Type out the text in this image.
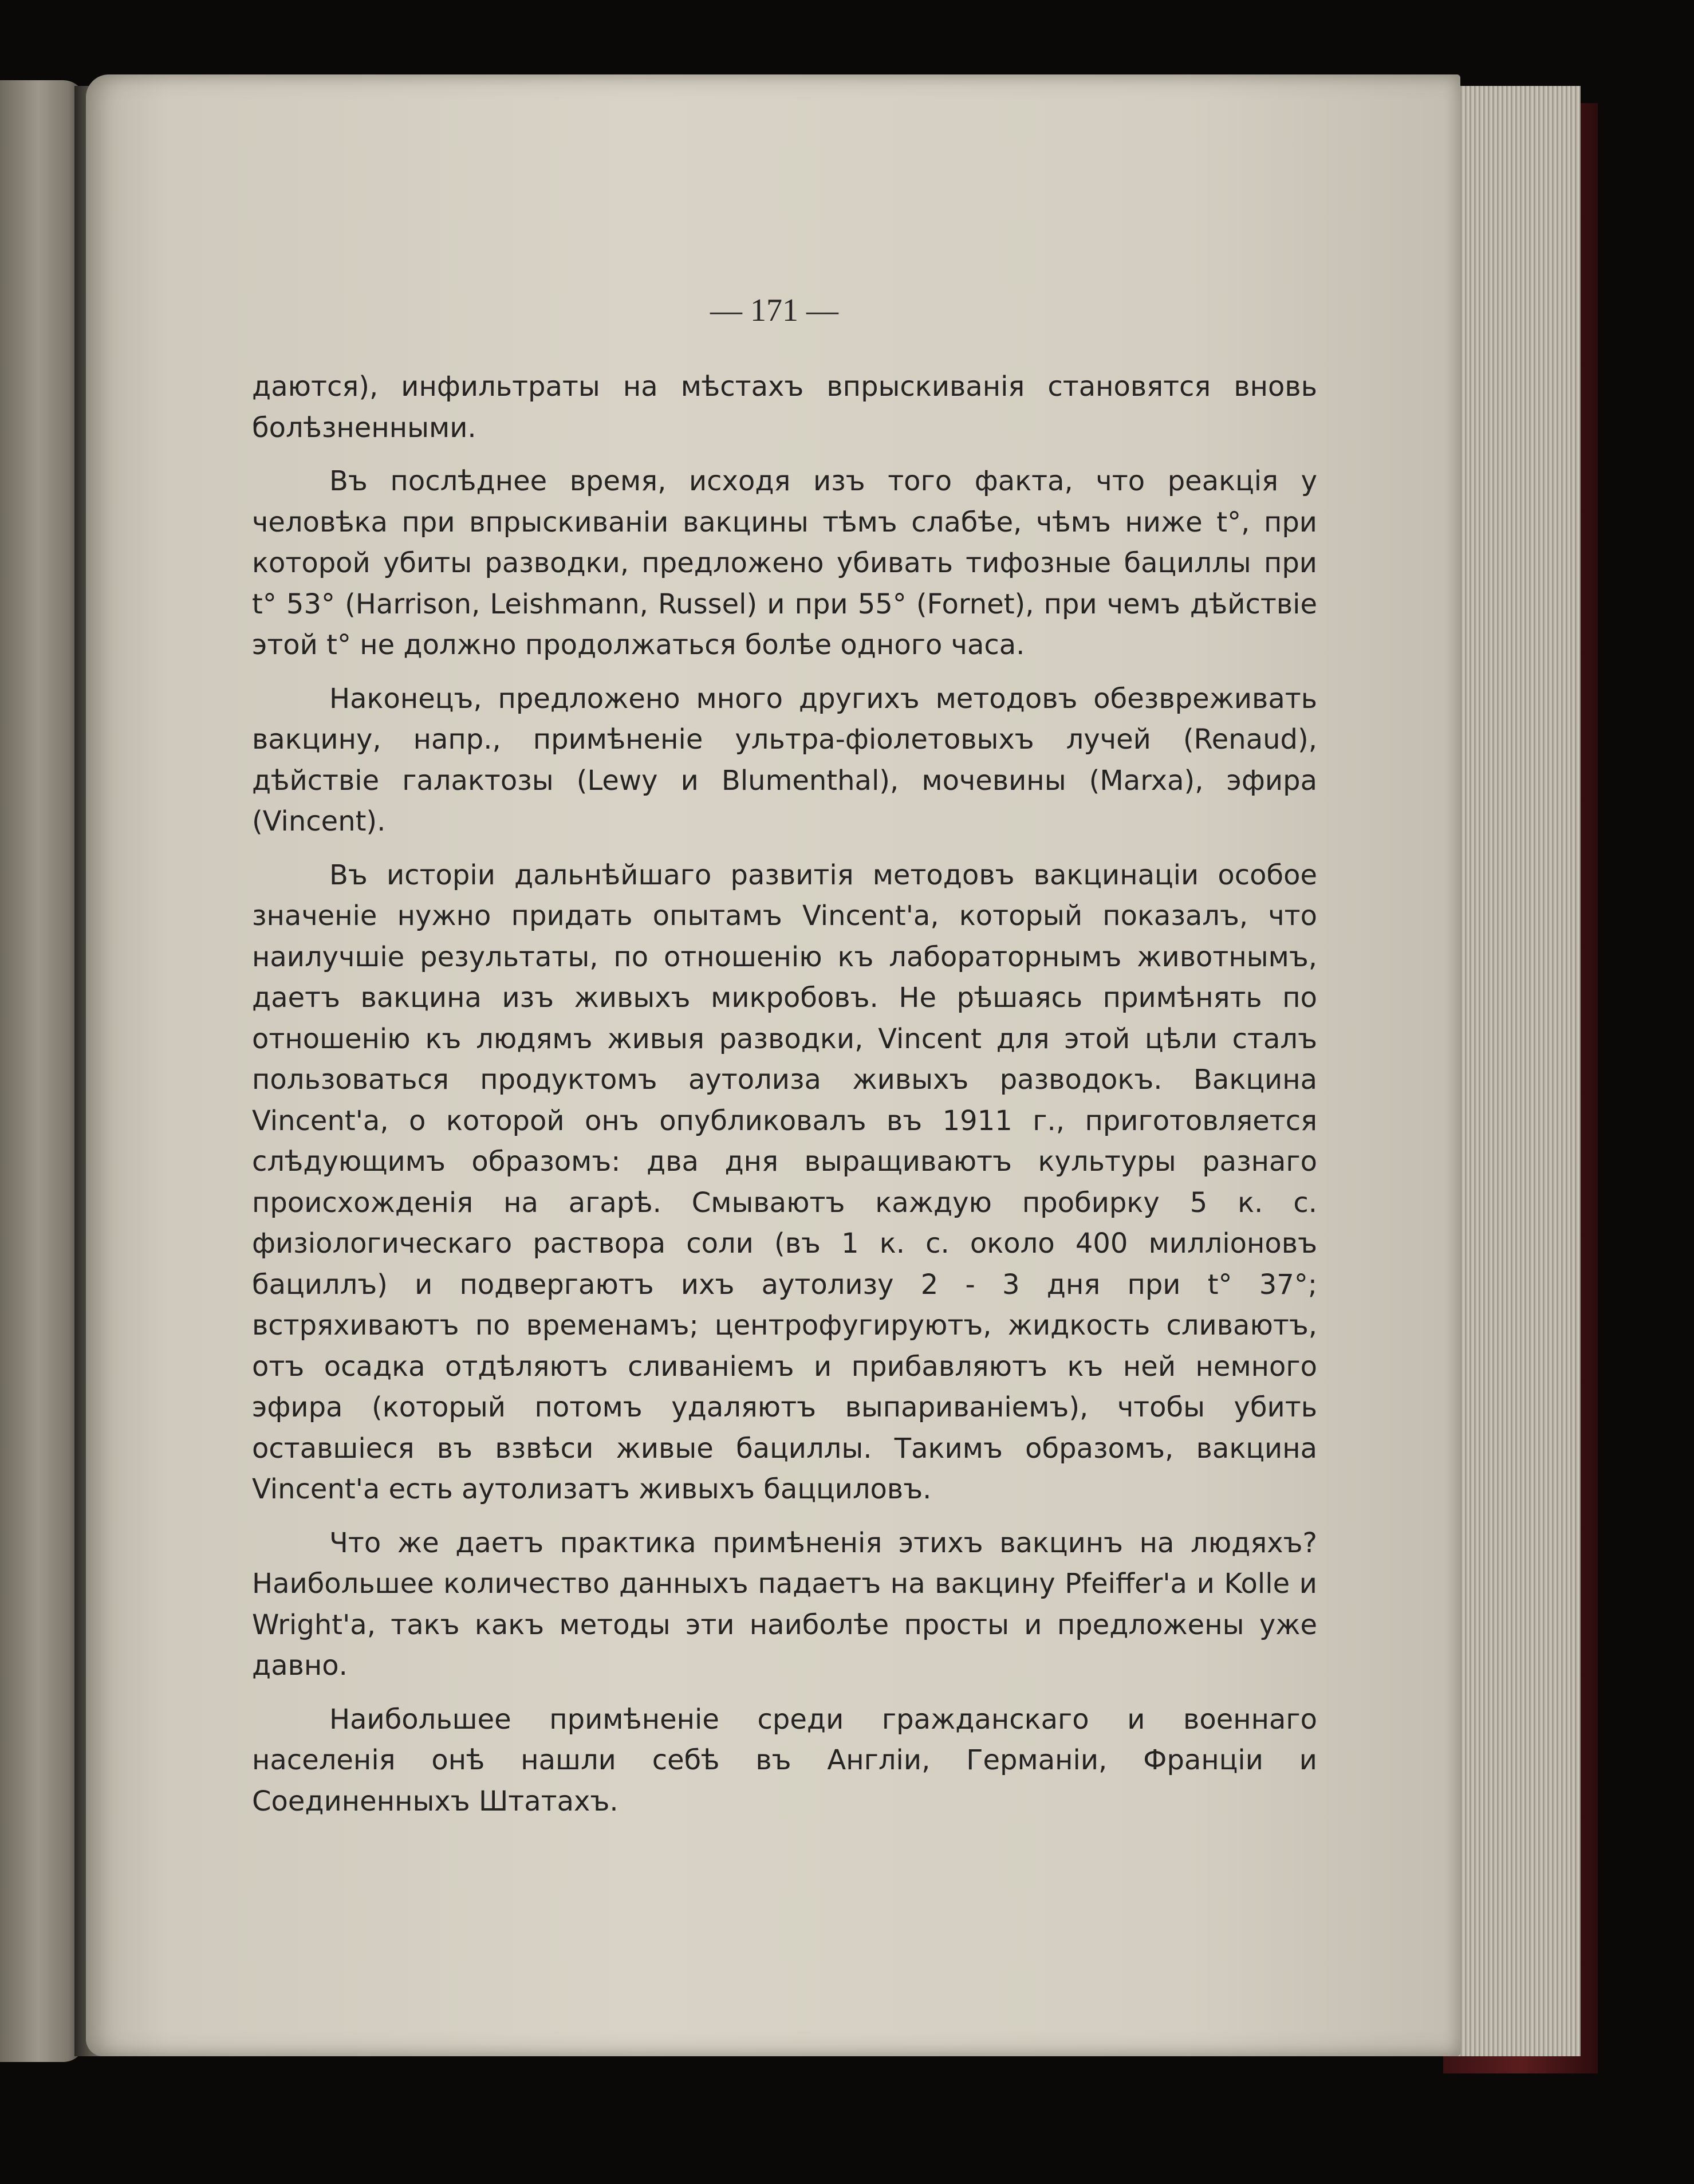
— 171 —

даются), инфильтраты на мѣстахъ впрыскиванія становятся вновь болѣзненными.

Въ послѣднее время, исходя изъ того факта, что реакція у человѣка при впрыскиваніи вакцины тѣмъ слабѣе, чѣмъ ниже t°, при которой убиты разводки, предложено убивать тифозные бациллы при t° 53° (Harrison, Leishmann, Russel) и при 55° (Fornet), при чемъ дѣйствіе этой t° не должно продолжаться болѣе одного часа.

Наконецъ, предложено много другихъ методовъ обезвреживать вакцину, напр., примѣненіе ультра-фіолетовыхъ лучей (Renaud), дѣйствіе галактозы (Lewy и Blumenthal), мочевины (Marxa), эфира (Vincent).

Въ исторіи дальнѣйшаго развитія методовъ вакцинаціи особое значеніе нужно придать опытамъ Vincent'a, который показалъ, что наилучшіе результаты, по отношенію къ лабораторнымъ животнымъ, даетъ вакцина изъ живыхъ микробовъ. Не рѣшаясь примѣнять по отношенію къ людямъ живыя разводки, Vincent для этой цѣли сталъ пользоваться продуктомъ аутолиза живыхъ разводокъ. Вакцина Vincent'a, о которой онъ опубликовалъ въ 1911 г., приготовляется слѣдующимъ образомъ: два дня выращиваютъ культуры разнаго происхожденія на агарѣ. Смываютъ каждую пробирку 5 к. с. физіологическаго раствора соли (въ 1 к. с. около 400 милліоновъ бациллъ) и подвергаютъ ихъ аутолизу 2 - 3 дня при t° 37°; встряхиваютъ по временамъ; центрофугируютъ, жидкость сливаютъ, отъ осадка отдѣляютъ сливаніемъ и прибавляютъ къ ней немного эфира (который потомъ удаляютъ выпариваніемъ), чтобы убить оставшіеся въ взвѣси живые бациллы. Такимъ образомъ, вакцина Vincent'a есть аутолизатъ живыхъ бацциловъ.

Что же даетъ практика примѣненія этихъ вакцинъ на людяхъ? Наибольшее количество данныхъ падаетъ на вакцину Pfeiffer'a и Kolle и Wright'a, такъ какъ методы эти наиболѣе просты и предложены уже давно.

Наибольшее примѣненіе среди гражданскаго и военнаго населенія онѣ нашли себѣ въ Англіи, Германіи, Франціи и Соединенныхъ Штатахъ.
